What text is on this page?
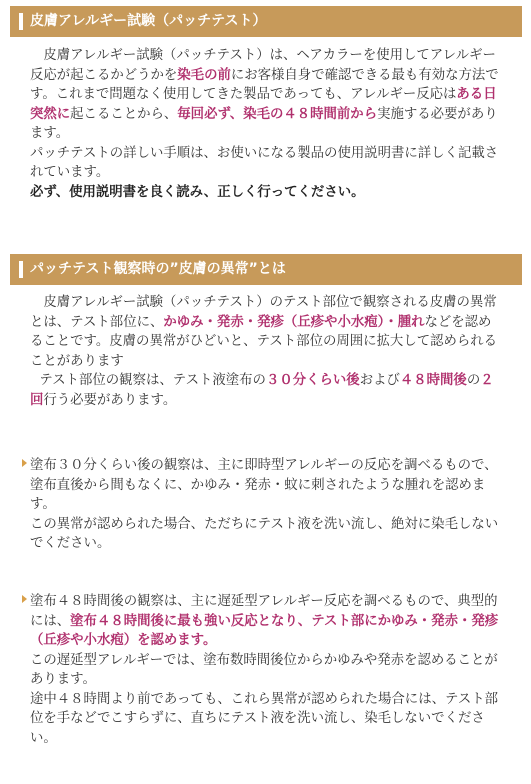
皮膚アレルギー試験（パッチテスト）

皮膚アレルギー試験（パッチテスト）は、ヘアカラーを使用してアレルギー反応が起こるかどうかを染毛の前にお客様自身で確認できる最も有効な方法です。これまで問題なく使用してきた製品であっても、アレルギー反応はある日突然に起こることから、毎回必ず、染毛の４８時間前から実施する必要があります。

パッチテストの詳しい手順は、お使いになる製品の使用説明書に詳しく記載されています。

必ず、使用説明書を良く読み、正しく行ってください。

パッチテスト観察時の”皮膚の異常”とは

皮膚アレルギー試験（パッチテスト）のテスト部位で観察される皮膚の異常とは、テスト部位に、かゆみ・発赤・発疹（丘疹や小水疱）・腫れなどを認めることです。皮膚の異常がひどいと、テスト部位の周囲に拡大して認められることがあります

テスト部位の観察は、テスト液塗布の３０分くらい後および４８時間後の２回行う必要があります。

塗布３０分くらい後の観察は、主に即時型アレルギーの反応を調べるもので、塗布直後から間もなくに、かゆみ・発赤・蚊に刺されたような腫れを認めます。

この異常が認められた場合、ただちにテスト液を洗い流し、絶対に染毛しないでください。

塗布４８時間後の観察は、主に遅延型アレルギー反応を調べるもので、典型的には、塗布４８時間後に最も強い反応となり、テスト部にかゆみ・発赤・発疹（丘疹や小水疱）を認めます。

この遅延型アレルギーでは、塗布数時間後位からかゆみや発赤を認めることがあります。

途中４８時間より前であっても、これら異常が認められた場合には、テスト部位を手などでこすらずに、直ちにテスト液を洗い流し、染毛しないでください。
